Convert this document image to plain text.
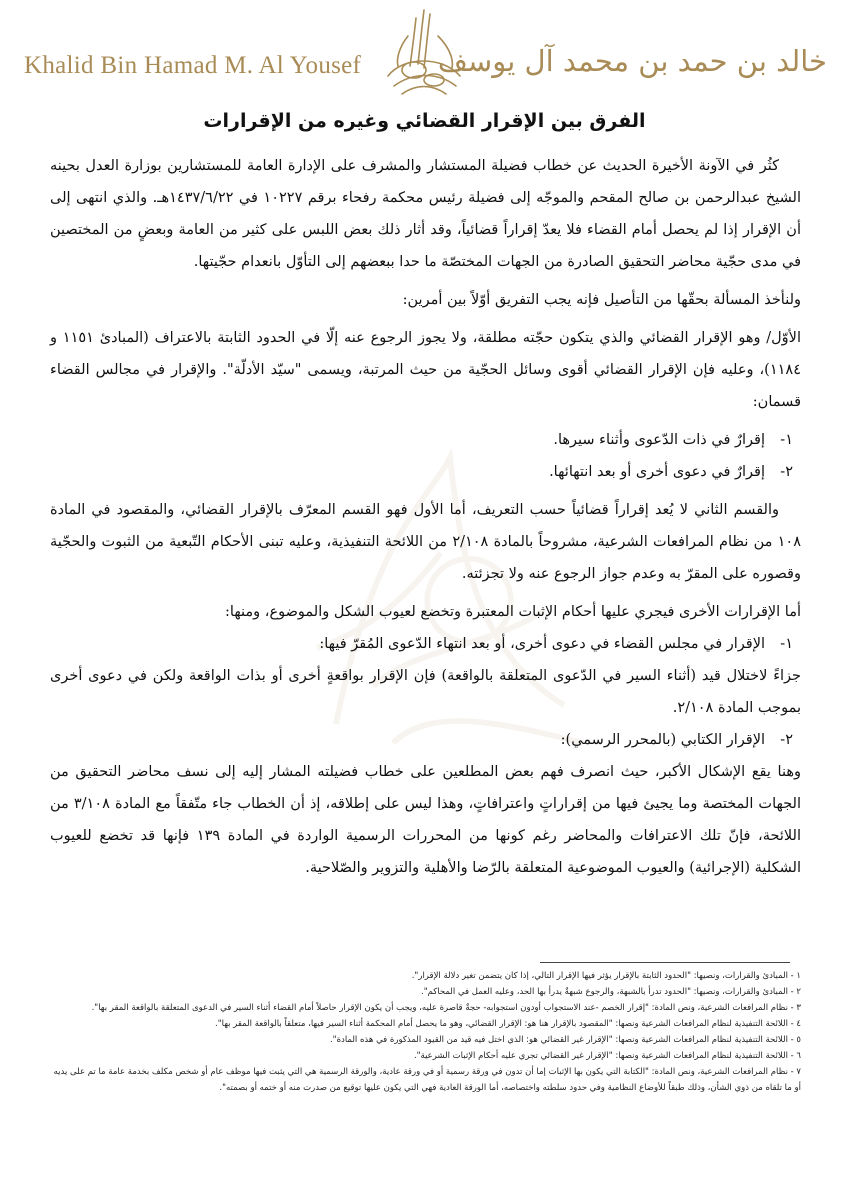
Khalid Bin Hamad M. Al Yousef	خالد بن حمد بن محمد آل يوسف
الفرق بين الإقرار القضائي وغيره من الإقرارات

كثُر في الآونة الأخيرة الحديث عن خطاب فضيلة المستشار والمشرف على الإدارة العامة للمستشارين بوزارة العدل بحينه الشيخ عبدالرحمن بن صالح المقحم والموجّه إلى فضيلة رئيس محكمة رفحاء برقم ١٠٢٢٧ في ١٤٣٧/٦/٢٢هـ. والذي انتهى إلى أن الإقرار إذا لم يحصل أمام القضاء فلا يعدّ إقراراً قضائياً، وقد أثار ذلك بعض اللبس على كثير من العامة وبعضٍ من المختصين في مدى حجّية محاضر التحقيق الصادرة من الجهات المختصّة ما حدا ببعضهم إلى التأوّل بانعدام حجّيتها.

ولنأخذ المسألة بحقّها من التأصيل فإنه يجب التفريق أوّلاً بين أمرين:

الأوّل/ وهو الإقرار القضائي والذي يتكون حجّته مطلقة، ولا يجوز الرجوع عنه إلّا في الحدود الثابتة بالاعتراف (المبادئ ١١٥١ و ١١٨٤)، وعليه فإن الإقرار القضائي أقوى وسائل الحجّية من حيث المرتبة، ويسمى "سيّد الأدلّة". والإقرار في مجالس القضاء قسمان:

١-
إقرارٌ في ذات الدّعوى وأثناء سيرها.
٢-
إقرارٌ في دعوى أخرى أو بعد انتهائها.

والقسم الثاني لا يُعد إقراراً قضائياً حسب التعريف، أما الأول فهو القسم المعرّف بالإقرار القضائي، والمقصود في المادة ١٠٨ من نظام المرافعات الشرعية، مشروحاً بالمادة ٢/١٠٨ من اللائحة التنفيذية، وعليه تبنى الأحكام التّبعية من الثبوت والحجّية وقصوره على المقرّ به وعدم جواز الرجوع عنه ولا تجزئته.

أما الإقرارات الأخرى فيجري عليها أحكام الإثبات المعتبرة وتخضع لعيوب الشكل والموضوع، ومنها:

١-
الإقرار في مجلس القضاء في دعوى أخرى، أو بعد انتهاء الدّعوى المُقرّ فيها:

جزاءً لاختلال قيد (أثناء السير في الدّعوى المتعلقة بالواقعة) فإن الإقرار بواقعةٍ أخرى أو بذات الواقعة ولكن في دعوى أخرى بموجب المادة ٢/١٠٨.

٢-
الإقرار الكتابي (بالمحرر الرسمي):

وهنا يقع الإشكال الأكبر، حيث انصرف فهم بعض المطلعين على خطاب فضيلته المشار إليه إلى نسف محاضر التحقيق من الجهات المختصة وما يجيئ فيها من إقراراتٍ واعترافاتٍ، وهذا ليس على إطلاقه، إذ أن الخطاب جاء متّفقاً مع المادة ٣/١٠٨ من اللائحة، فإنّ تلك الاعترافات والمحاضر رغم كونها من المحررات الرسمية الواردة في المادة ١٣٩ فإنها قد تخضع للعيوب الشكلية (الإجرائية) والعيوب الموضوعية المتعلقة بالرّضا والأهلية والتزوير والصّلاحية.

١ - المبادئ والقرارات، ونصيها: "الحدود الثابتة بالإقرار يؤثر فيها الإقرار التالي، إذا كان يتضمن تغير دلالة الإقرار".
٢ - المبادئ والقرارات، ونصيها: "الحدود تدرأ بالشبهة، والرجوع شبهةٌ يدرأ بها الحد، وعليه العمل في المحاكم".
٣ - نظام المرافعات الشرعية، ونص المادة: "إقرار الخصم -عند الاستجواب أودون استجوابه- حجةٌ قاصرة عليه، ويجب أن يكون الإقرار حاصلاً أمام القضاء أثناء السير في الدعوى المتعلقة بالواقعة المقر بها".
٤ - اللائحة التنفيذية لنظام المرافعات الشرعية ونصها: "المقصود بالإقرار هنا هو: الإقرار القضائي، وهو ما يحصل أمام المحكمة أثناء السير فيها، متعلقاً بالواقعة المقر بها".
٥ - اللائحة التنفيذية لنظام المرافعات الشرعية ونصها: "الإقرار غير القضائي هو: الذي اختل فيه قيد من القيود المذكورة في هذه المادة".
٦ - اللائحة التنفيذية لنظام المرافعات الشرعية ونصها: "الإقرار غير القضائي تجري عليه أحكام الإثبات الشرعية".
٧ - نظام المرافعات الشرعية، ونص المادة: "الكتابة التي يكون بها الإثبات إما أن تدون في ورقة رسمية أو في ورقة عادية، والورقة الرسمية هي التي يثبت فيها موظف عام أو شخص مكلف بخدمة عامة ما تم على يديه أو ما تلقاه من ذوي الشأن، وذلك طبقاً للأوضاع النظامية وفي حدود سلطته واختصاصه، أما الورقة العادية فهي التي يكون عليها توقيع من صدرت منه أو ختمه أو بصمته".
